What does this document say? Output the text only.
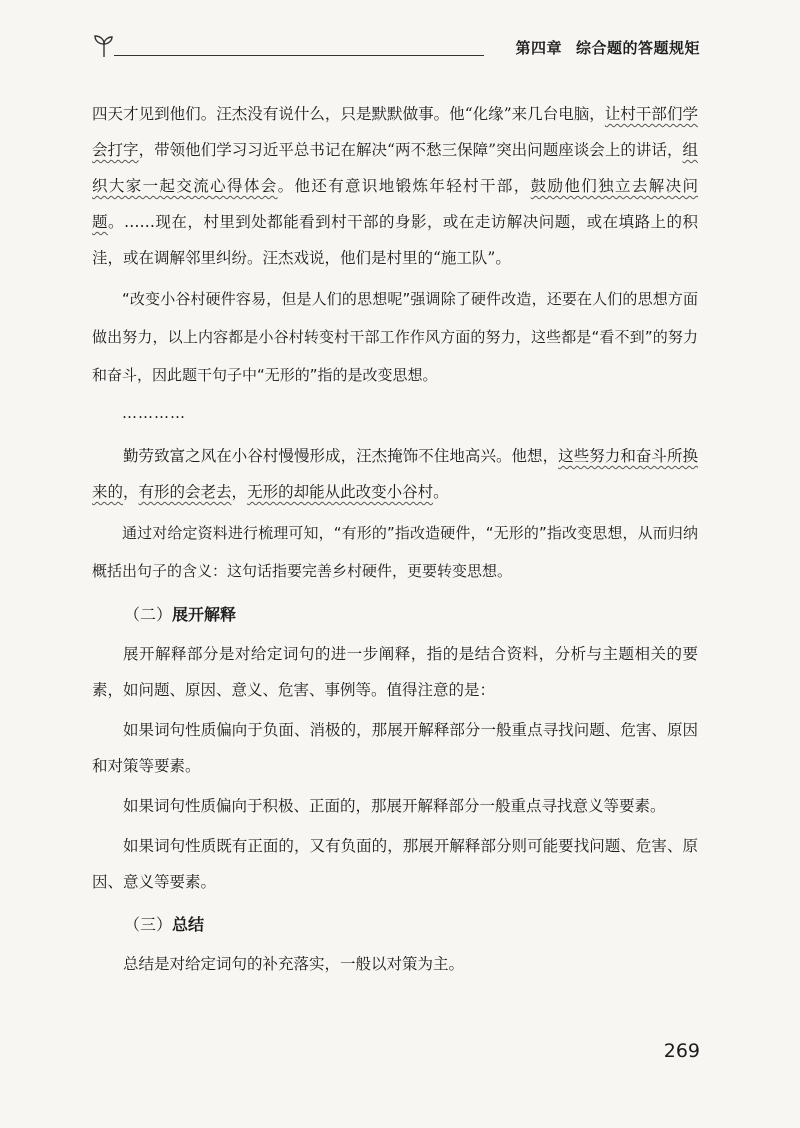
第四章 综合题的答题规矩

四天才见到他们。汪杰没有说什么，只是默默做事。他“化缘”来几台电脑，让村干部们学会打字，带领他们学习习近平总书记在解决“两不愁三保障”突出问题座谈会上的讲话，组织大家一起交流心得体会。他还有意识地锻炼年轻村干部，鼓励他们独立去解决问题。……现在，村里到处都能看到村干部的身影，或在走访解决问题，或在填路上的积洼，或在调解邻里纠纷。汪杰戏说，他们是村里的“施工队”。

“改变小谷村硬件容易，但是人们的思想呢”强调除了硬件改造，还要在人们的思想方面做出努力，以上内容都是小谷村转变村干部工作作风方面的努力，这些都是“看不到”的努力和奋斗，因此题干句子中“无形的”指的是改变思想。

…………

勤劳致富之风在小谷村慢慢形成，汪杰掩饰不住地高兴。他想，这些努力和奋斗所换来的，有形的会老去，无形的却能从此改变小谷村。

通过对给定资料进行梳理可知，“有形的”指改造硬件，“无形的”指改变思想，从而归纳概括出句子的含义：这句话指要完善乡村硬件，更要转变思想。

（二）展开解释

展开解释部分是对给定词句的进一步阐释，指的是结合资料，分析与主题相关的要素，如问题、原因、意义、危害、事例等。值得注意的是：

如果词句性质偏向于负面、消极的，那展开解释部分一般重点寻找问题、危害、原因和对策等要素。

如果词句性质偏向于积极、正面的，那展开解释部分一般重点寻找意义等要素。

如果词句性质既有正面的，又有负面的，那展开解释部分则可能要找问题、危害、原因、意义等要素。

（三）总结

总结是对给定词句的补充落实，一般以对策为主。

269
